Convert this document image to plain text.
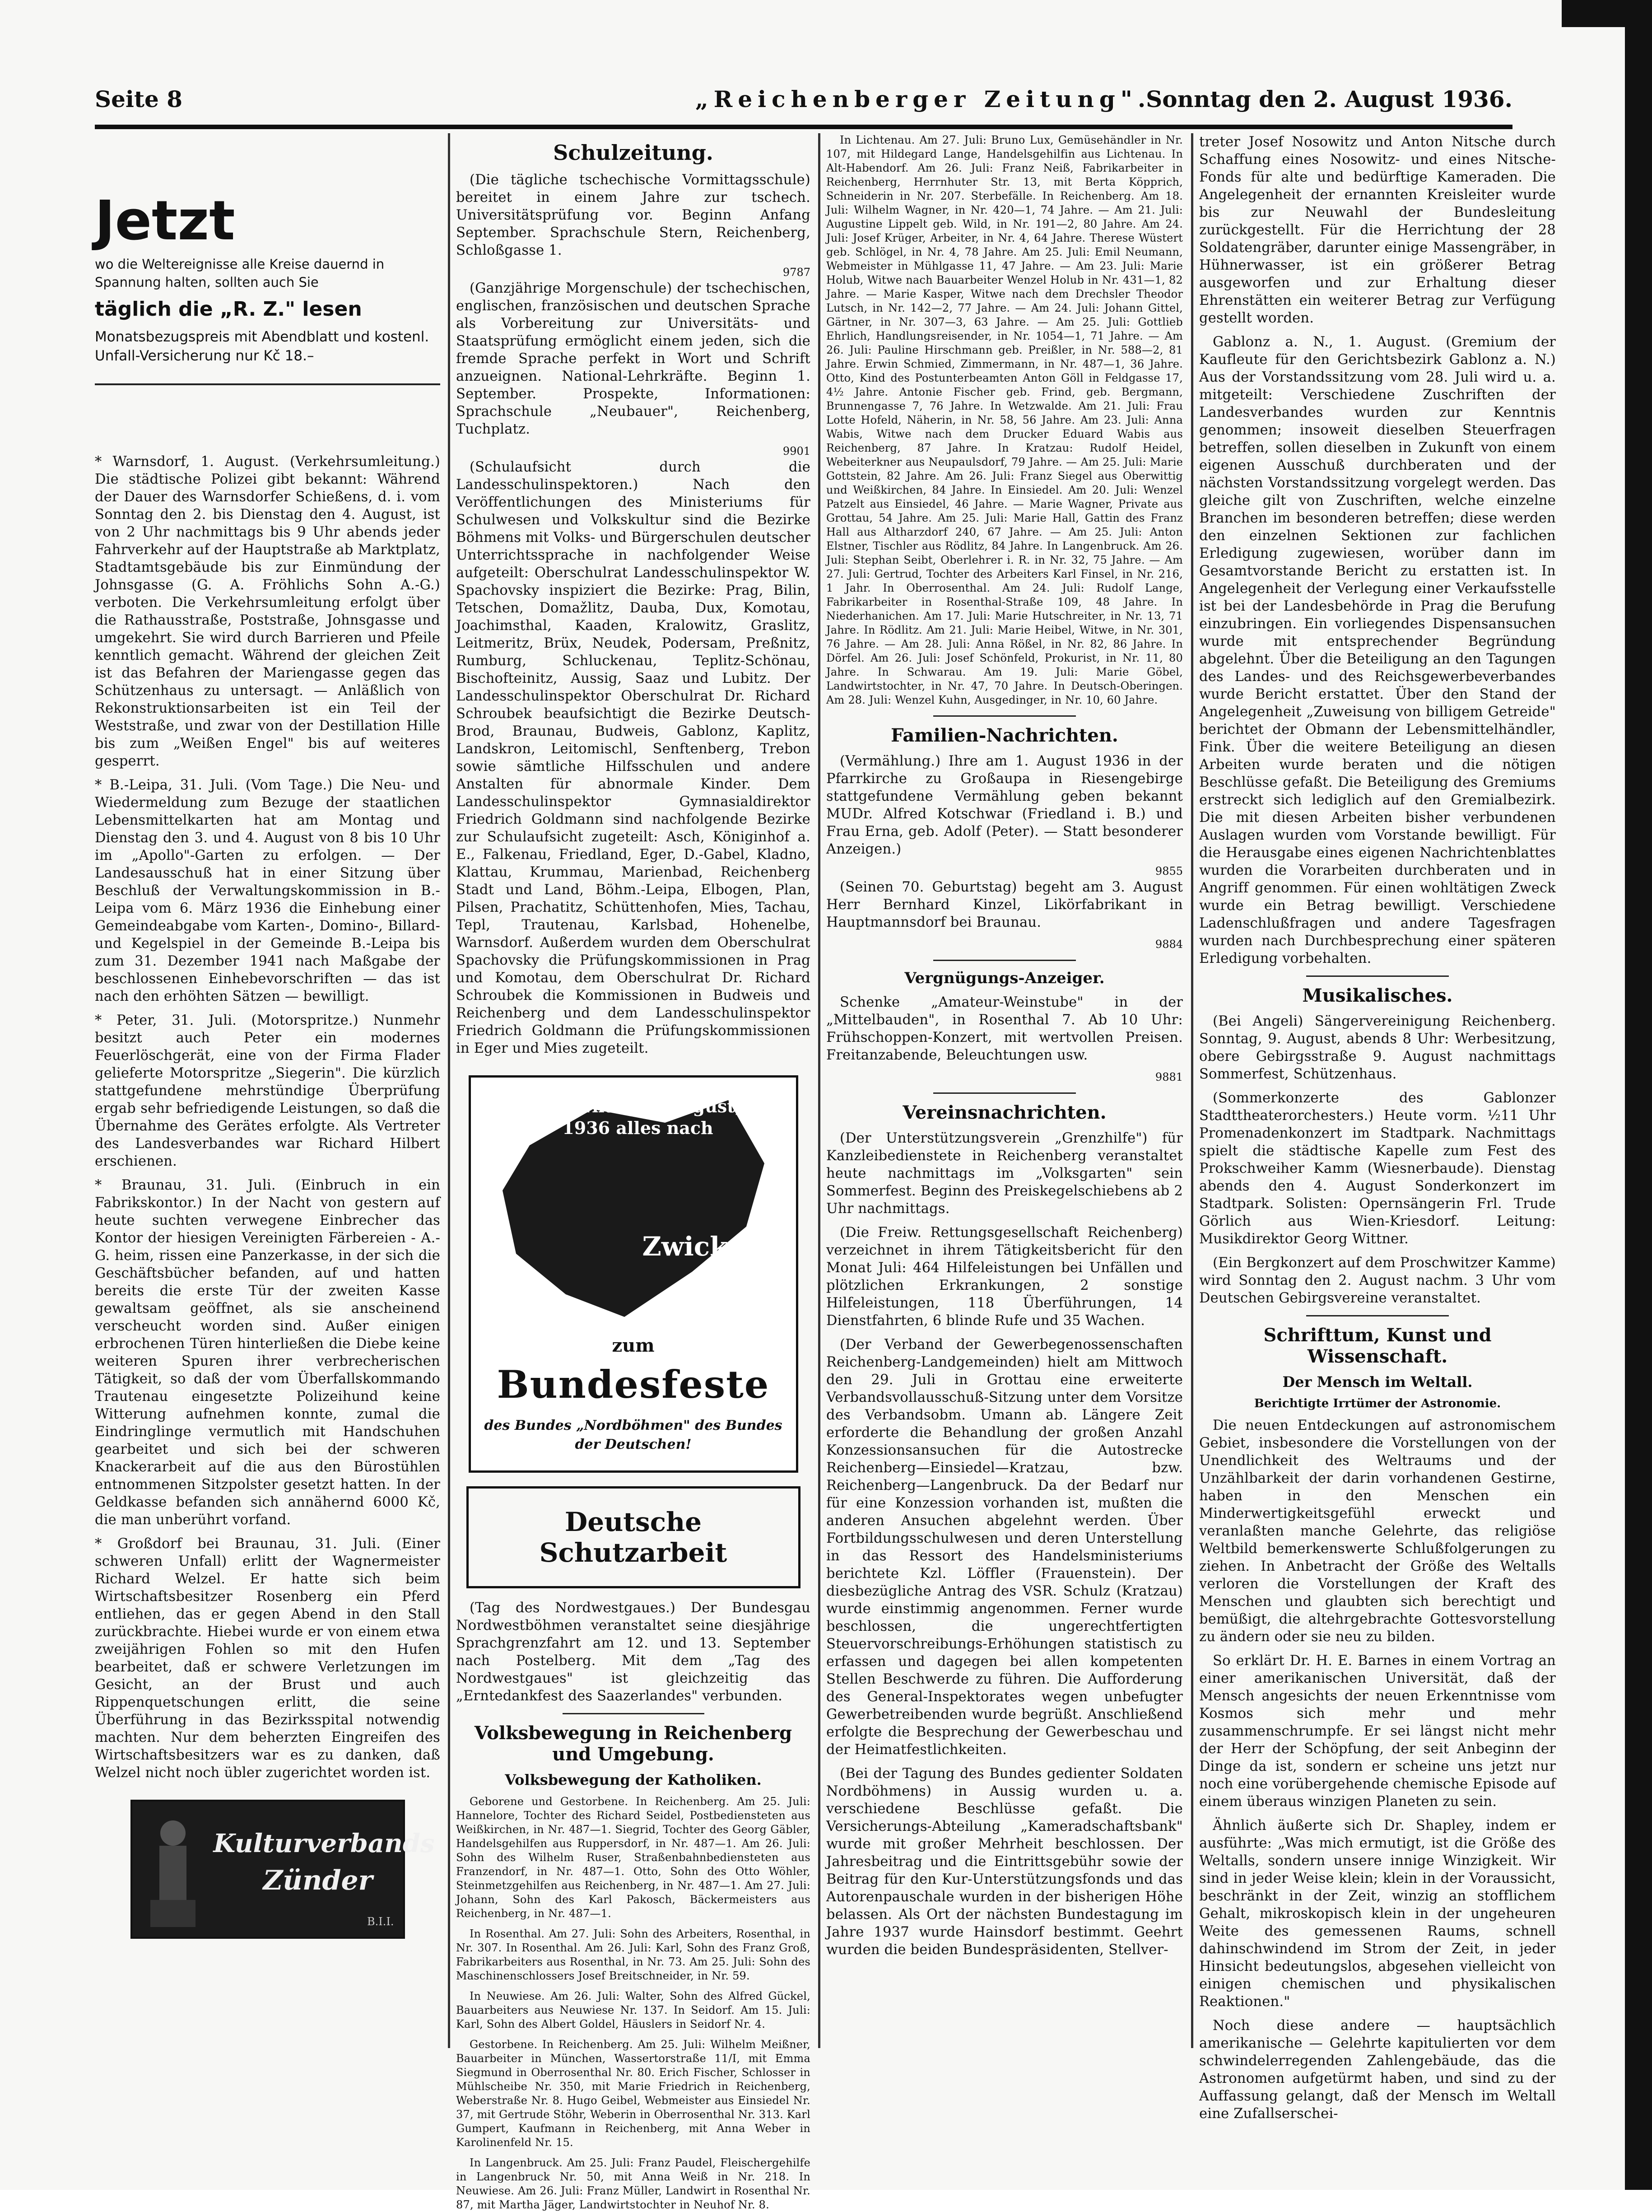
Seite 8	„Reichenberger Zeitung".
Sonntag den 2. August 1936.
Jetzt
wo die Weltereignisse alle Kreise dauernd in Spannung halten, sollten auch Sie
täglich die „R. Z." lesen
Monatsbezugspreis mit Abendblatt und kostenl. Unfall-Versicherung nur Kč 18.–

* Warnsdorf, 1. August. (Verkehrsumleitung.) Die städtische Polizei gibt bekannt: Während der Dauer des Warnsdorfer Schießens, d. i. vom Sonntag den 2. bis Dienstag den 4. August, ist von 2 Uhr nachmittags bis 9 Uhr abends jeder Fahrverkehr auf der Hauptstraße ab Marktplatz, Stadtamtsgebäude bis zur Einmündung der Johnsgasse (G. A. Fröhlichs Sohn A.-G.) verboten. Die Verkehrsumleitung erfolgt über die Rathausstraße, Poststraße, Johnsgasse und umgekehrt. Sie wird durch Barrieren und Pfeile kenntlich gemacht. Während der gleichen Zeit ist das Befahren der Mariengasse gegen das Schützenhaus zu untersagt. — Anläßlich von Rekonstruktionsarbeiten ist ein Teil der Weststraße, und zwar von der Destillation Hille bis zum „Weißen Engel" bis auf weiteres gesperrt.

* B.-Leipa, 31. Juli. (Vom Tage.) Die Neu- und Wiedermeldung zum Bezuge der staatlichen Lebensmittelkarten hat am Montag und Dienstag den 3. und 4. August von 8 bis 10 Uhr im „Apollo"-Garten zu erfolgen. — Der Landesausschuß hat in einer Sitzung über Beschluß der Verwaltungskommission in B.-Leipa vom 6. März 1936 die Einhebung einer Gemeindeabgabe vom Karten-, Domino-, Billard- und Kegelspiel in der Gemeinde B.-Leipa bis zum 31. Dezember 1941 nach Maßgabe der beschlossenen Einhebevorschriften — das ist nach den erhöhten Sätzen — bewilligt.

* Peter, 31. Juli. (Motorspritze.) Nunmehr besitzt auch Peter ein modernes Feuerlöschgerät, eine von der Firma Flader gelieferte Motorspritze „Siegerin". Die kürzlich stattgefundene mehrstündige Überprüfung ergab sehr befriedigende Leistungen, so daß die Übernahme des Gerätes erfolgte. Als Vertreter des Landesverbandes war Richard Hilbert erschienen.

* Braunau, 31. Juli. (Einbruch in ein Fabrikskontor.) In der Nacht von gestern auf heute suchten verwegene Einbrecher das Kontor der hiesigen Vereinigten Färbereien - A.-G. heim, rissen eine Panzerkasse, in der sich die Geschäftsbücher befanden, auf und hatten bereits die erste Tür der zweiten Kasse gewaltsam geöffnet, als sie anscheinend verscheucht worden sind. Außer einigen erbrochenen Türen hinterließen die Diebe keine weiteren Spuren ihrer verbrecherischen Tätigkeit, so daß der vom Überfallskommando Trautenau eingesetzte Polizeihund keine Witterung aufnehmen konnte, zumal die Eindringlinge vermutlich mit Handschuhen gearbeitet und sich bei der schweren Knackerarbeit auf die aus den Bürostühlen entnommenen Sitzpolster gesetzt hatten. In der Geldkasse befanden sich annähernd 6000 Kč, die man unberührt vorfand.

* Großdorf bei Braunau, 31. Juli. (Einer schweren Unfall) erlitt der Wagnermeister Richard Welzel. Er hatte sich beim Wirtschaftsbesitzer Rosenberg ein Pferd entliehen, das er gegen Abend in den Stall zurückbrachte. Hiebei wurde er von einem etwa zweijährigen Fohlen so mit den Hufen bearbeitet, daß er schwere Verletzungen im Gesicht, an der Brust und auch Rippenquetschungen erlitt, die seine Überführung in das Bezirksspital notwendig machten. Nur dem beherzten Eingreifen des Wirtschaftsbesitzers war es zu danken, daß Welzel nicht noch übler zugerichtet worden ist.

Kulturverbands
Zünder
B.I.I.
Schulzeitung.

(Die tägliche tschechische Vormittagsschule) bereitet in einem Jahre zur tschech. Universitätsprüfung vor. Beginn Anfang September. Sprachschule Stern, Reichenberg, Schloßgasse 1.

9787

(Ganzjährige Morgenschule) der tschechischen, englischen, französischen und deutschen Sprache als Vorbereitung zur Universitäts- und Staatsprüfung ermöglicht einem jeden, sich die fremde Sprache perfekt in Wort und Schrift anzueignen. National-Lehrkräfte. Beginn 1. September. Prospekte, Informationen: Sprachschule „Neubauer", Reichenberg, Tuchplatz.

9901

(Schulaufsicht durch die Landesschulinspektoren.) Nach den Veröffentlichungen des Ministeriums für Schulwesen und Volkskultur sind die Bezirke Böhmens mit Volks- und Bürgerschulen deutscher Unterrichtssprache in nachfolgender Weise aufgeteilt: Oberschulrat Landesschulinspektor W. Spachovsky inspiziert die Bezirke: Prag, Bilin, Tetschen, Domažlitz, Dauba, Dux, Komotau, Joachimsthal, Kaaden, Kralowitz, Graslitz, Leitmeritz, Brüx, Neudek, Podersam, Preßnitz, Rumburg, Schluckenau, Teplitz-Schönau, Bischofteinitz, Aussig, Saaz und Lubitz. Der Landesschulinspektor Oberschulrat Dr. Richard Schroubek beaufsichtigt die Bezirke Deutsch-Brod, Braunau, Budweis, Gablonz, Kaplitz, Landskron, Leitomischl, Senftenberg, Trebon sowie sämtliche Hilfsschulen und andere Anstalten für abnormale Kinder. Dem Landesschulinspektor Gymnasialdirektor Friedrich Goldmann sind nachfolgende Bezirke zur Schulaufsicht zugeteilt: Asch, Königinhof a. E., Falkenau, Friedland, Eger, D.-Gabel, Kladno, Klattau, Krummau, Marienbad, Reichenberg Stadt und Land, Böhm.-Leipa, Elbogen, Plan, Pilsen, Prachatitz, Schüttenhofen, Mies, Tachau, Tepl, Trautenau, Karlsbad, Hohenelbe, Warnsdorf. Außerdem wurden dem Oberschulrat Spachovsky die Prüfungskommissionen in Prag und Komotau, dem Oberschulrat Dr. Richard Schroubek die Kommissionen in Budweis und Reichenberg und dem Landesschulinspektor Friedrich Goldmann die Prüfungskommissionen in Eger und Mies zugeteilt.

Am Erntings (August) 1936 alles nach
Zwickau
zum
Bundesfeste
des Bundes „Nordböhmen" des Bundes der Deutschen!
Deutsche Schutzarbeit

(Tag des Nordwestgaues.) Der Bundesgau Nordwestböhmen veranstaltet seine diesjährige Sprachgrenzfahrt am 12. und 13. September nach Postelberg. Mit dem „Tag des Nordwestgaues" ist gleichzeitig das „Erntedankfest des Saazerlandes" verbunden.

Volksbewegung in Reichenberg und Umgebung.
Volksbewegung der Katholiken.

Geborene und Gestorbene. In Reichenberg. Am 25. Juli: Hannelore, Tochter des Richard Seidel, Postbediensteten aus Weißkirchen, in Nr. 487—1. Siegrid, Tochter des Georg Gäbler, Handelsgehilfen aus Ruppersdorf, in Nr. 487—1. Am 26. Juli: Sohn des Wilhelm Ruser, Straßenbahnbediensteten aus Franzendorf, in Nr. 487—1. Otto, Sohn des Otto Wöhler, Steinmetzgehilfen aus Reichenberg, in Nr. 487—1. Am 27. Juli: Johann, Sohn des Karl Pakosch, Bäckermeisters aus Reichenberg, in Nr. 487—1.

In Rosenthal. Am 27. Juli: Sohn des Arbeiters, Rosenthal, in Nr. 307. In Rosenthal. Am 26. Juli: Karl, Sohn des Franz Groß, Fabrikarbeiters aus Rosenthal, in Nr. 73. Am 25. Juli: Sohn des Maschinenschlossers Josef Breitschneider, in Nr. 59.

In Neuwiese. Am 26. Juli: Walter, Sohn des Alfred Gückel, Bauarbeiters aus Neuwiese Nr. 137. In Seidorf. Am 15. Juli: Karl, Sohn des Albert Goldel, Häuslers in Seidorf Nr. 4.

Gestorbene. In Reichenberg. Am 25. Juli: Wilhelm Meißner, Bauarbeiter in München, Wassertorstraße 11/I, mit Emma Siegmund in Oberrosenthal Nr. 80. Erich Fischer, Schlosser in Mühlscheibe Nr. 350, mit Marie Friedrich in Reichenberg, Weberstraße Nr. 8. Hugo Geibel, Webmeister aus Einsiedel Nr. 37, mit Gertrude Stöhr, Weberin in Oberrosenthal Nr. 313. Karl Gumpert, Kaufmann in Reichenberg, mit Anna Weber in Karolinenfeld Nr. 15.

In Langenbruck. Am 25. Juli: Franz Paudel, Fleischergehilfe in Langenbruck Nr. 50, mit Anna Weiß in Nr. 218. In Neuwiese. Am 26. Juli: Franz Müller, Landwirt in Rosenthal Nr. 87, mit Martha Jäger, Landwirtstochter in Neuhof Nr. 8.

In Lichtenau. Am 27. Juli: Bruno Lux, Gemüsehändler in Nr. 107, mit Hildegard Lange, Handelsgehilfin aus Lichtenau. In Alt-Habendorf. Am 26. Juli: Franz Neiß, Fabrikarbeiter in Reichenberg, Herrnhuter Str. 13, mit Berta Köpprich, Schneiderin in Nr. 207. Sterbefälle. In Reichenberg. Am 18. Juli: Wilhelm Wagner, in Nr. 420—1, 74 Jahre. — Am 21. Juli: Augustine Lippelt geb. Wild, in Nr. 191—2, 80 Jahre. Am 24. Juli: Josef Krüger, Arbeiter, in Nr. 4, 64 Jahre. Therese Wüstert geb. Schlögel, in Nr. 4, 78 Jahre. Am 25. Juli: Emil Neumann, Webmeister in Mühlgasse 11, 47 Jahre. — Am 23. Juli: Marie Holub, Witwe nach Bauarbeiter Wenzel Holub in Nr. 431—1, 82 Jahre. — Marie Kasper, Witwe nach dem Drechsler Theodor Lutsch, in Nr. 142—2, 77 Jahre. — Am 24. Juli: Johann Gittel, Gärtner, in Nr. 307—3, 63 Jahre. — Am 25. Juli: Gottlieb Ehrlich, Handlungsreisender, in Nr. 1054—1, 71 Jahre. — Am 26. Juli: Pauline Hirschmann geb. Preißler, in Nr. 588—2, 81 Jahre. Erwin Schmied, Zimmermann, in Nr. 487—1, 36 Jahre. Otto, Kind des Postunterbeamten Anton Göll in Feldgasse 17, 4½ Jahre. Antonie Fischer geb. Frind, geb. Bergmann, Brunnengasse 7, 76 Jahre. In Wetzwalde. Am 21. Juli: Frau Lotte Hofeld, Näherin, in Nr. 58, 56 Jahre. Am 23. Juli: Anna Wabis, Witwe nach dem Drucker Eduard Wabis aus Reichenberg, 87 Jahre. In Kratzau: Rudolf Heidel, Webeiterkner aus Neupaulsdorf, 79 Jahre. — Am 25. Juli: Marie Gottstein, 82 Jahre. Am 26. Juli: Franz Siegel aus Oberwittig und Weißkirchen, 84 Jahre. In Einsiedel. Am 20. Juli: Wenzel Patzelt aus Einsiedel, 46 Jahre. — Marie Wagner, Private aus Grottau, 54 Jahre. Am 25. Juli: Marie Hall, Gattin des Franz Hall aus Altharzdorf 240, 67 Jahre. — Am 25. Juli: Anton Elstner, Tischler aus Rödlitz, 84 Jahre. In Langenbruck. Am 26. Juli: Stephan Seibt, Oberlehrer i. R. in Nr. 32, 75 Jahre. — Am 27. Juli: Gertrud, Tochter des Arbeiters Karl Finsel, in Nr. 216, 1 Jahr. In Oberrosenthal. Am 24. Juli: Rudolf Lange, Fabrikarbeiter in Rosenthal-Straße 109, 48 Jahre. In Niederhanichen. Am 17. Juli: Marie Hutschreiter, in Nr. 13, 71 Jahre. In Rödlitz. Am 21. Juli: Marie Heibel, Witwe, in Nr. 301, 76 Jahre. — Am 28. Juli: Anna Rößel, in Nr. 82, 86 Jahre. In Dörfel. Am 26. Juli: Josef Schönfeld, Prokurist, in Nr. 11, 80 Jahre. In Schwarau. Am 19. Juli: Marie Göbel, Landwirtstochter, in Nr. 47, 70 Jahre. In Deutsch-Oberingen. Am 28. Juli: Wenzel Kuhn, Ausgedinger, in Nr. 10, 60 Jahre.

Familien-Nachrichten.

(Vermählung.) Ihre am 1. August 1936 in der Pfarrkirche zu Großaupa in Riesengebirge stattgefundene Vermählung geben bekannt MUDr. Alfred Kotschwar (Friedland i. B.) und Frau Erna, geb. Adolf (Peter). — Statt besonderer Anzeigen.)

9855

(Seinen 70. Geburtstag) begeht am 3. August Herr Bernhard Kinzel, Likörfabrikant in Hauptmannsdorf bei Braunau.

9884
Vergnügungs-Anzeiger.

Schenke „Amateur-Weinstube" in der „Mittelbauden", in Rosenthal 7. Ab 10 Uhr: Frühschoppen-Konzert, mit wertvollen Preisen. Freitanzabende, Beleuchtungen usw.

9881
Vereinsnachrichten.

(Der Unterstützungsverein „Grenzhilfe") für Kanzleibedienstete in Reichenberg veranstaltet heute nachmittags im „Volksgarten" sein Sommerfest. Beginn des Preiskegelschiebens ab 2 Uhr nachmittags.

(Die Freiw. Rettungsgesellschaft Reichenberg) verzeichnet in ihrem Tätigkeitsbericht für den Monat Juli: 464 Hilfeleistungen bei Unfällen und plötzlichen Erkrankungen, 2 sonstige Hilfeleistungen, 118 Überführungen, 14 Dienstfahrten, 6 blinde Rufe und 35 Wachen.

(Der Verband der Gewerbegenossenschaften Reichenberg-Landgemeinden) hielt am Mittwoch den 29. Juli in Grottau eine erweiterte Verbandsvollausschuß-Sitzung unter dem Vorsitze des Verbandsobm. Umann ab. Längere Zeit erforderte die Behandlung der großen Anzahl Konzessionsansuchen für die Autostrecke Reichenberg—Einsiedel—Kratzau, bzw. Reichenberg—Langenbruck. Da der Bedarf nur für eine Konzession vorhanden ist, mußten die anderen Ansuchen abgelehnt werden. Über Fortbildungsschulwesen und deren Unterstellung in das Ressort des Handelsministeriums berichtete Kzl. Löffler (Frauenstein). Der diesbezügliche Antrag des VSR. Schulz (Kratzau) wurde einstimmig angenommen. Ferner wurde beschlossen, die ungerechtfertigten Steuervorschreibungs-Erhöhungen statistisch zu erfassen und dagegen bei allen kompetenten Stellen Beschwerde zu führen. Die Aufforderung des General-Inspektorates wegen unbefugter Gewerbetreibenden wurde begrüßt. Anschließend erfolgte die Besprechung der Gewerbeschau und der Heimatfestlichkeiten.

(Bei der Tagung des Bundes gedienter Soldaten Nordböhmens) in Aussig wurden u. a. verschiedene Beschlüsse gefaßt. Die Versicherungs-Abteilung „Kameradschaftsbank" wurde mit großer Mehrheit beschlossen. Der Jahresbeitrag und die Eintrittsgebühr sowie der Beitrag für den Kur-Unterstützungsfonds und das Autorenpauschale wurden in der bisherigen Höhe belassen. Als Ort der nächsten Bundestagung im Jahre 1937 wurde Hainsdorf bestimmt. Geehrt wurden die beiden Bundespräsidenten, Stellver-

treter Josef Nosowitz und Anton Nitsche durch Schaffung eines Nosowitz- und eines Nitsche-Fonds für alte und bedürftige Kameraden. Die Angelegenheit der ernannten Kreisleiter wurde bis zur Neuwahl der Bundesleitung zurückgestellt. Für die Herrichtung der 28 Soldatengräber, darunter einige Massengräber, in Hühnerwasser, ist ein größerer Betrag ausgeworfen und zur Erhaltung dieser Ehrenstätten ein weiterer Betrag zur Verfügung gestellt worden.

Gablonz a. N., 1. August. (Gremium der Kaufleute für den Gerichtsbezirk Gablonz a. N.) Aus der Vorstandssitzung vom 28. Juli wird u. a. mitgeteilt: Verschiedene Zuschriften der Landesverbandes wurden zur Kenntnis genommen; insoweit dieselben Steuerfragen betreffen, sollen dieselben in Zukunft von einem eigenen Ausschuß durchberaten und der nächsten Vorstandssitzung vorgelegt werden. Das gleiche gilt von Zuschriften, welche einzelne Branchen im besonderen betreffen; diese werden den einzelnen Sektionen zur fachlichen Erledigung zugewiesen, worüber dann im Gesamtvorstande Bericht zu erstatten ist. In Angelegenheit der Verlegung einer Verkaufsstelle ist bei der Landesbehörde in Prag die Berufung einzubringen. Ein vorliegendes Dispensansuchen wurde mit entsprechender Begründung abgelehnt. Über die Beteiligung an den Tagungen des Landes- und des Reichsgewerbeverbandes wurde Bericht erstattet. Über den Stand der Angelegenheit „Zuweisung von billigem Getreide" berichtet der Obmann der Lebensmittelhändler, Fink. Über die weitere Beteiligung an diesen Arbeiten wurde beraten und die nötigen Beschlüsse gefaßt. Die Beteiligung des Gremiums erstreckt sich lediglich auf den Gremialbezirk. Die mit diesen Arbeiten bisher verbundenen Auslagen wurden vom Vorstande bewilligt. Für die Herausgabe eines eigenen Nachrichtenblattes wurden die Vorarbeiten durchberaten und in Angriff genommen. Für einen wohltätigen Zweck wurde ein Betrag bewilligt. Verschiedene Ladenschlußfragen und andere Tagesfragen wurden nach Durchbesprechung einer späteren Erledigung vorbehalten.

Musikalisches.

(Bei Angeli) Sängervereinigung Reichenberg. Sonntag, 9. August, abends 8 Uhr: Werbesitzung, obere Gebirgsstraße 9. August nachmittags Sommerfest, Schützenhaus.

(Sommerkonzerte des Gablonzer Stadttheaterorchesters.) Heute vorm. ½11 Uhr Promenadenkonzert im Stadtpark. Nachmittags spielt die städtische Kapelle zum Fest des Prokschweiher Kamm (Wiesnerbaude). Dienstag abends den 4. August Sonderkonzert im Stadtpark. Solisten: Opernsängerin Frl. Trude Görlich aus Wien-Kriesdorf. Leitung: Musikdirektor Georg Wittner.

(Ein Bergkonzert auf dem Proschwitzer Kamme) wird Sonntag den 2. August nachm. 3 Uhr vom Deutschen Gebirgsvereine veranstaltet.

Schrifttum, Kunst und Wissenschaft.
Der Mensch im Weltall.
Berichtigte Irrtümer der Astronomie.

Die neuen Entdeckungen auf astronomischem Gebiet, insbesondere die Vorstellungen von der Unendlichkeit des Weltraums und der Unzählbarkeit der darin vorhandenen Gestirne, haben in den Menschen ein Minderwertigkeitsgefühl erweckt und veranlaßten manche Gelehrte, das religiöse Weltbild bemerkenswerte Schlußfolgerungen zu ziehen. In Anbetracht der Größe des Weltalls verloren die Vorstellungen der Kraft des Menschen und glaubten sich berechtigt und bemüßigt, die altehrgebrachte Gottesvorstellung zu ändern oder sie neu zu bilden.

So erklärt Dr. H. E. Barnes in einem Vortrag an einer amerikanischen Universität, daß der Mensch angesichts der neuen Erkenntnisse vom Kosmos sich mehr und mehr zusammenschrumpfe. Er sei längst nicht mehr der Herr der Schöpfung, der seit Anbeginn der Dinge da ist, sondern er scheine uns jetzt nur noch eine vorübergehende chemische Episode auf einem überaus winzigen Planeten zu sein.

Ähnlich äußerte sich Dr. Shapley, indem er ausführte: „Was mich ermutigt, ist die Größe des Weltalls, sondern unsere innige Winzigkeit. Wir sind in jeder Weise klein; klein in der Voraussicht, beschränkt in der Zeit, winzig an stofflichem Gehalt, mikroskopisch klein in der ungeheuren Weite des gemessenen Raums, schnell dahinschwindend im Strom der Zeit, in jeder Hinsicht bedeutungslos, abgesehen vielleicht von einigen chemischen und physikalischen Reaktionen."

Noch diese andere — hauptsächlich amerikanische — Gelehrte kapitulierten vor dem schwindelerregenden Zahlengebäude, das die Astronomen aufgetürmt haben, und sind zu der Auffassung gelangt, daß der Mensch im Weltall eine Zufallserschei-
